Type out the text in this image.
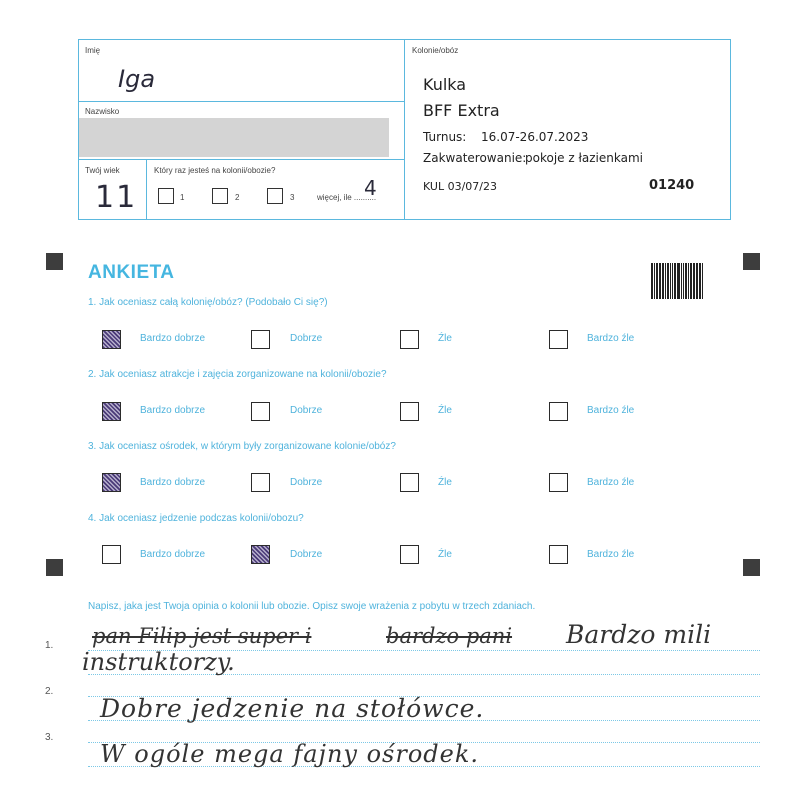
Imię
Iga
Nazwisko
Twój wiek
11
Który raz jesteś na kolonii/obozie?
1	2	3	więcej, ile ..........
4
Kolonie/obóz
Kulka
BFF Extra
Turnus: 16.07-26.07.2023
Zakwaterowanie:
pokoje z łazienkami
KUL 03/07/23	01240
ANKIETA
1. Jak oceniasz całą kolonię/obóz? (Podobało Ci się?)
Bardzo dobrze	Dobrze	Źle	Bardzo źle
2. Jak oceniasz atrakcje i zajęcia zorganizowane na kolonii/obozie?
Bardzo dobrze	Dobrze	Źle	Bardzo źle
3. Jak oceniasz ośrodek, w którym były zorganizowane kolonie/obóz?
Bardzo dobrze	Dobrze	Źle	Bardzo źle
4. Jak oceniasz jedzenie podczas kolonii/obozu?
Bardzo dobrze	Dobrze	Źle	Bardzo źle
Napisz, jaka jest Twoja opinia o kolonii lub obozie. Opisz swoje wrażenia z pobytu w trzech zdaniach.
1.
2.
3.
pan Filip jest super i	bardzo pani Bardzo mili
instruktorzy.
Dobre jedzenie na stołówce.
W ogóle mega fajny ośrodek.
